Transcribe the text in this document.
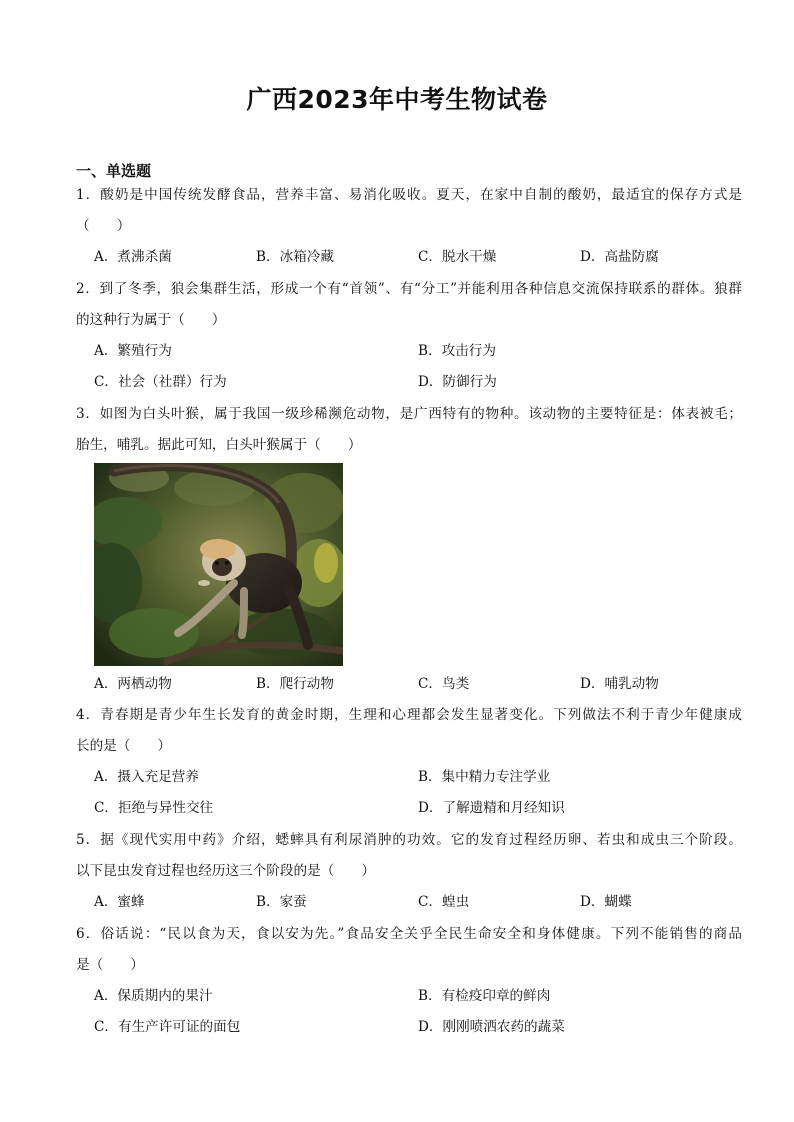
广西2023年中考生物试卷
一、单选题
1．酸奶是中国传统发酵食品，营养丰富、易消化吸收。夏天，在家中自制的酸奶，最适宜的保存方式是
（　　）
A．煮沸杀菌	B．冰箱冷藏	C．脱水干燥	D．高盐防腐
2．到了冬季，狼会集群生活，形成一个有“首领”、有“分工”并能利用各种信息交流保持联系的群体。狼群
的这种行为属于（　　）
A．繁殖行为	B．攻击行为
C．社会（社群）行为	D．防御行为
3．如图为白头叶猴，属于我国一级珍稀濒危动物，是广西特有的物种。该动物的主要特征是：体表被毛；
胎生，哺乳。据此可知，白头叶猴属于（　　）
A．两栖动物	B．爬行动物	C．鸟类	D．哺乳动物
4．青春期是青少年生长发育的黄金时期，生理和心理都会发生显著变化。下列做法不利于青少年健康成
长的是（　　）
A．摄入充足营养	B．集中精力专注学业
C．拒绝与异性交往	D．了解遗精和月经知识
5．据《现代实用中药》介绍，蟋蟀具有利尿消肿的功效。它的发育过程经历卵、若虫和成虫三个阶段。
以下昆虫发育过程也经历这三个阶段的是（　　）
A．蜜蜂	B．家蚕	C．蝗虫	D．蝴蝶
6．俗话说：“民以食为天，食以安为先。”食品安全关乎全民生命安全和身体健康。下列不能销售的商品
是（　　）
A．保质期内的果汁	B．有检疫印章的鲜肉
C．有生产许可证的面包	D．刚刚喷洒农药的蔬菜
